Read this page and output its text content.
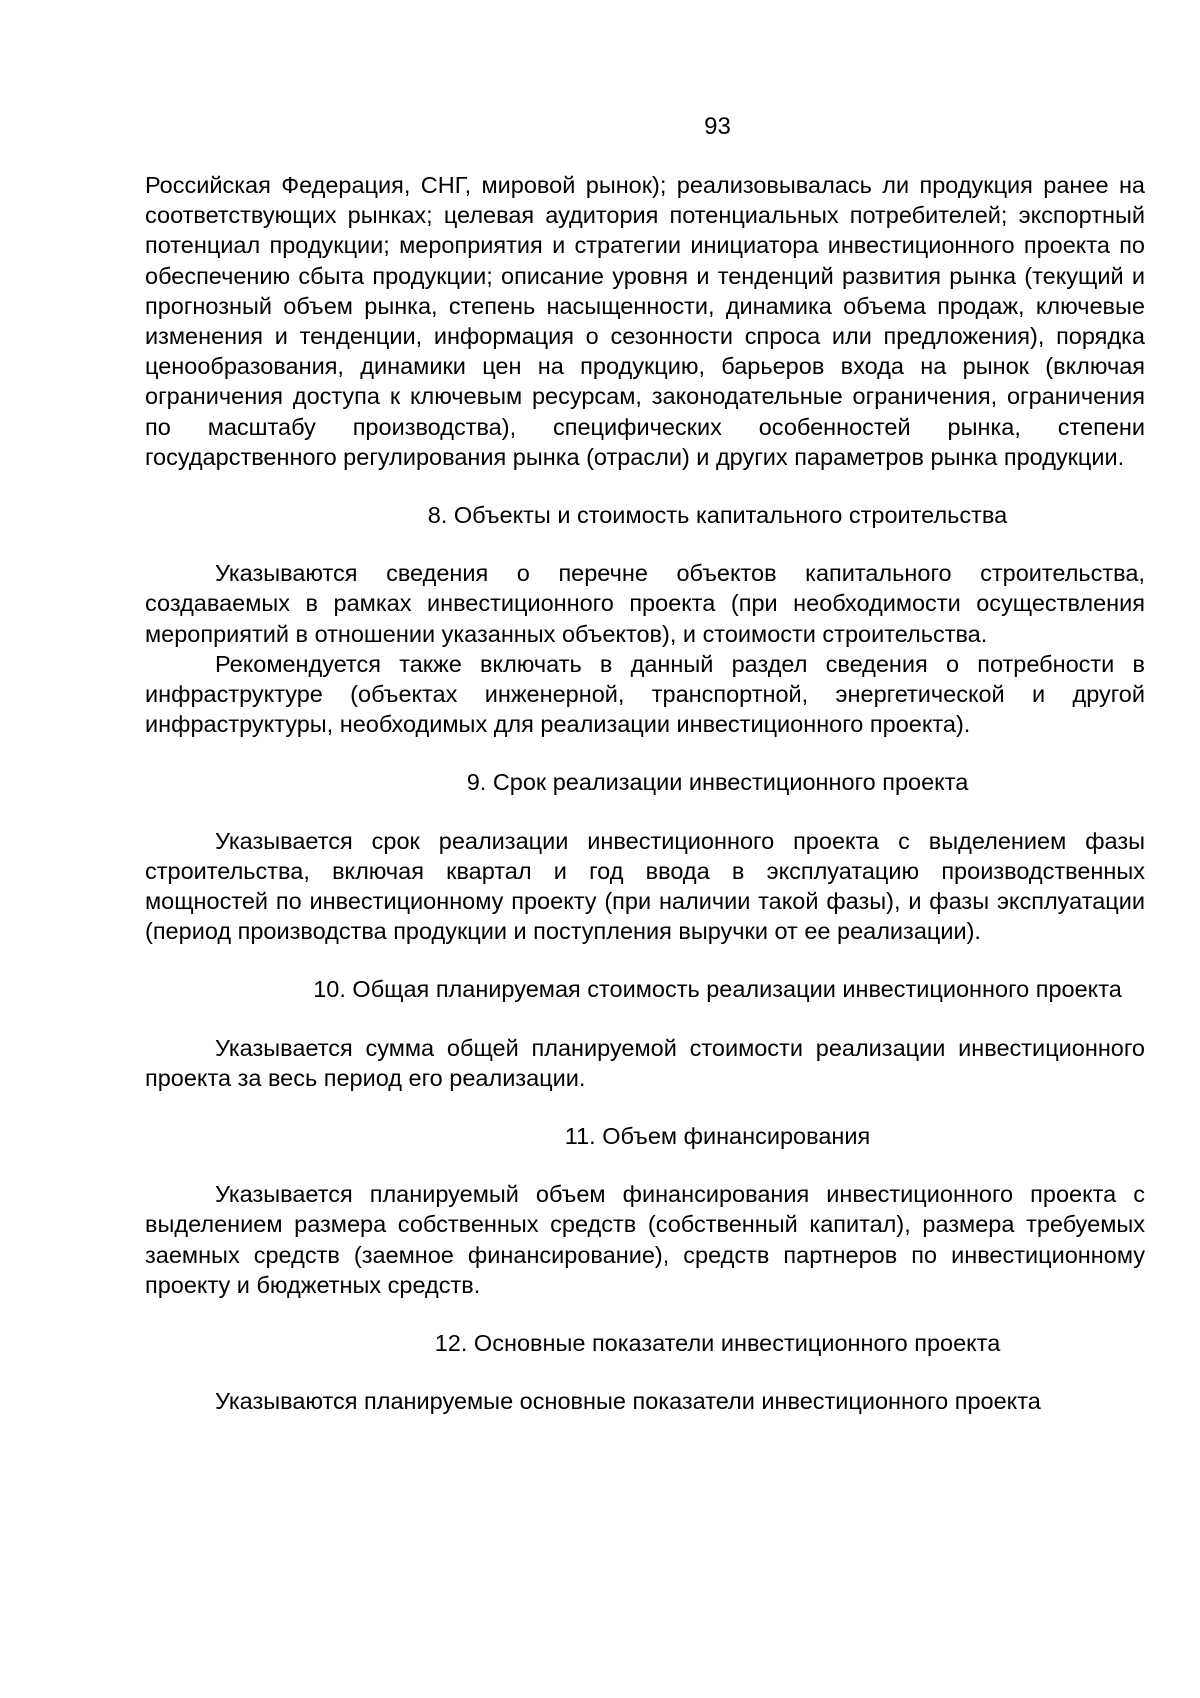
93

Российская Федерация, СНГ, мировой рынок); реализовывалась ли продукция ранее на соответствующих рынках; целевая аудитория потенциальных потребителей; экспортный потенциал продукции; мероприятия и стратегии инициатора инвестиционного проекта по обеспечению сбыта продукции; описание уровня и тенденций развития рынка (текущий и прогнозный объем рынка, степень насыщенности, динамика объема продаж, ключевые изменения и тенденции, информация о сезонности спроса или предложения), порядка ценообразования, динамики цен на продукцию, барьеров входа на рынок (включая ограничения доступа к ключевым ресурсам, законодательные ограничения, ограничения по масштабу производства), специфических особенностей рынка, степени государственного регулирования рынка (отрасли) и других параметров рынка продукции.

8. Объекты и стоимость капитального строительства

Указываются сведения о перечне объектов капитального строительства, создаваемых в рамках инвестиционного проекта (при необходимости осуществления мероприятий в отношении указанных объектов), и стоимости строительства.

Рекомендуется также включать в данный раздел сведения о потребности в инфраструктуре (объектах инженерной, транспортной, энергетической и другой инфраструктуры, необходимых для реализации инвестиционного проекта).

9. Срок реализации инвестиционного проекта

Указывается срок реализации инвестиционного проекта с выделением фазы строительства, включая квартал и год ввода в эксплуатацию производственных мощностей по инвестиционному проекту (при наличии такой фазы), и фазы эксплуатации (период производства продукции и поступления выручки от ее реализации).

10. Общая планируемая стоимость реализации инвестиционного проекта

Указывается сумма общей планируемой стоимости реализации инвестиционного проекта за весь период его реализации.

11. Объем финансирования

Указывается планируемый объем финансирования инвестиционного проекта с выделением размера собственных средств (собственный капитал), размера требуемых заемных средств (заемное финансирование), средств партнеров по инвестиционному проекту и бюджетных средств.

12. Основные показатели инвестиционного проекта

Указываются планируемые основные показатели инвестиционного проекта
